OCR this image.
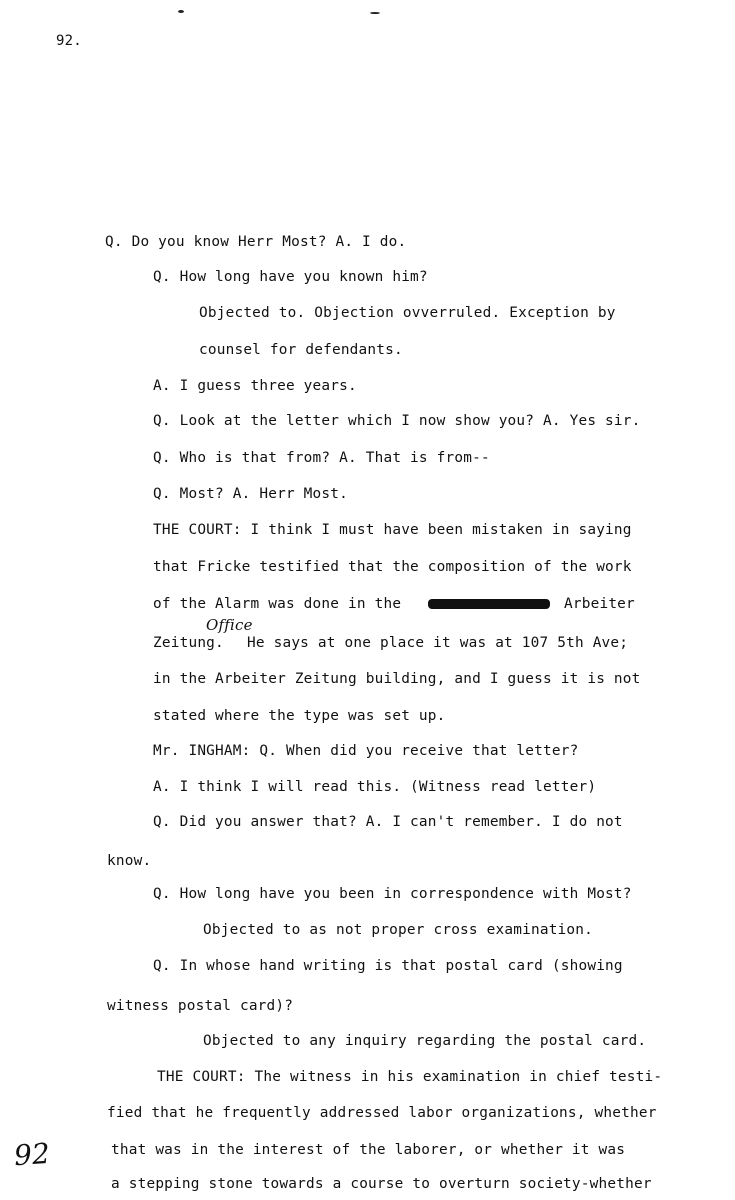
92.
Q. Do you know Herr Most? A. I do.
Q. How long have you known him?
Objected to. Objection ovverruled. Exception by
counsel for defendants.
A. I guess three years.
Q. Look at the letter which I now show you? A. Yes sir.
Q. Who is that from? A. That is from--
Q. Most? A. Herr Most.
THE COURT: I think I must have been mistaken in saying
that Fricke testified that the composition of the work
of the Alarm was done in the	Arbeiter
Office
Zeitung. He says at one place it was at 107 5th Ave;
in the Arbeiter Zeitung building, and I guess it is not
stated where the type was set up.
Mr. INGHAM: Q. When did you receive that letter?
A. I think I will read this. (Witness read letter)
Q. Did you answer that? A. I can't remember. I do not
know.
Q. How long have you been in correspondence with Most?
Objected to as not proper cross examination.
Q. In whose hand writing is that postal card (showing
witness postal card)?
Objected to any inquiry regarding the postal card.
THE COURT: The witness in his examination in chief testi-
fied that he frequently addressed labor organizations, whether
that was in the interest of the laborer, or whether it was
a stepping stone towards a course to overturn society-whether
92
